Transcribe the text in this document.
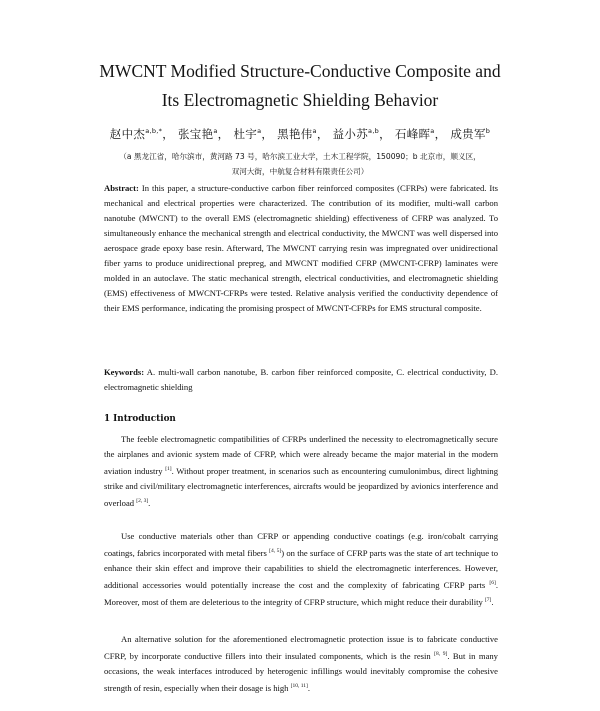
MWCNT Modified Structure-Conductive Composite and
Its Electromagnetic Shielding Behavior
赵中杰$^{a,b,*}$， 张宝艳$^a$， 杜宇$^a$， 黑艳伟$^a$， 益小苏$^{a,b}$， 石峰晖$^a$， 成贵军$^b$
（a 黑龙江省，哈尔滨市，黄河路 73 号，哈尔滨工业大学，土木工程学院，150090；b 北京市，顺义区，
双河大街，中航复合材料有限责任公司）

Abstract: In this paper, a structure-conductive carbon fiber reinforced composites (CFRPs) were fabricated. Its mechanical and electrical properties were characterized. The contribution of its modifier, multi-wall carbon nanotube (MWCNT) to the overall EMS (electromagnetic shielding) effectiveness of CFRP was analyzed. To simultaneously enhance the mechanical strength and electrical conductivity, the MWCNT was well dispersed into aerospace grade epoxy base resin. Afterward, The MWCNT carrying resin was impregnated over unidirectional fiber yarns to produce unidirectional prepreg, and MWCNT modified CFRP (MWCNT-CFRP) laminates were molded in an autoclave. The static mechanical strength, electrical conductivities, and electromagnetic shielding (EMS) effectiveness of MWCNT-CFRPs were tested. Relative analysis verified the conductivity dependence of their EMS performance, indicating the promising prospect of MWCNT-CFRPs for EMS structural composite.

Keywords: A. multi-wall carbon nanotube, B. carbon fiber reinforced composite, C. electrical conductivity, D. electromagnetic shielding

1 Introduction

The feeble electromagnetic compatibilities of CFRPs underlined the necessity to electromagnetically secure the airplanes and avionic system made of CFRP, which were already became the major material in the modern aviation industry [1]. Without proper treatment, in scenarios such as encountering cumulonimbus, direct lightning strike and civil/military electromagnetic interferences, aircrafts would be jeopardized by avionics interference and overload [2, 3].

Use conductive materials other than CFRP or appending conductive coatings (e.g. iron/cobalt carrying coatings, fabrics incorporated with metal fibers [4, 5]) on the surface of CFRP parts was the state of art technique to enhance their skin effect and improve their capabilities to shield the electromagnetic interferences. However, additional accessories would potentially increase the cost and the complexity of fabricating CFRP parts [6]. Moreover, most of them are deleterious to the integrity of CFRP structure, which might reduce their durability [7].

An alternative solution for the aforementioned electromagnetic protection issue is to fabricate conductive CFRP, by incorporate conductive fillers into their insulated components, which is the resin [8, 9]. But in many occasions, the weak interfaces introduced by heterogenic infillings would inevitably compromise the cohesive strength of resin, especially when their dosage is high [10, 11].
